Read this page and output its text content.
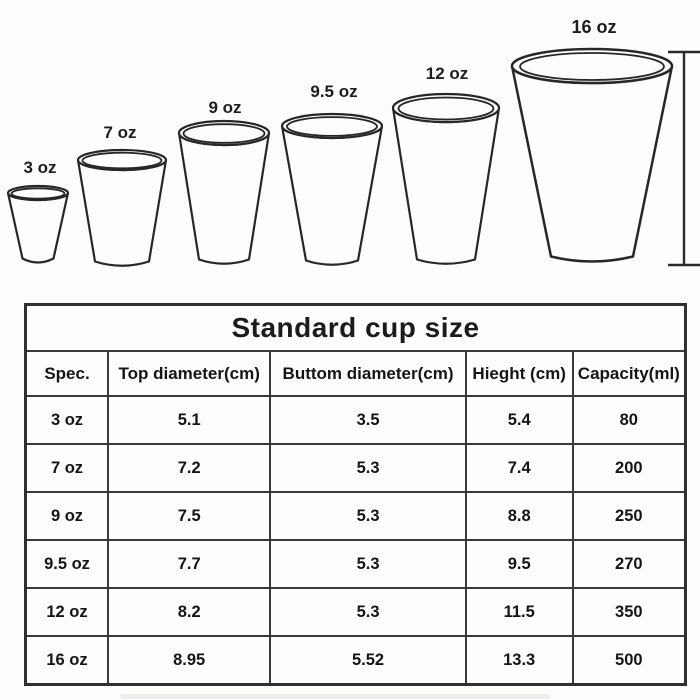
3 oz
7 oz
9 oz
9.5 oz
12 oz
16 oz
Standard cup size				
Spec.	Top diameter(cm)	Buttom diameter(cm)	Hieght (cm)	Capacity(ml)
3 oz	5.1	3.5	5.4	80
7 oz	7.2	5.3	7.4	200
9 oz	7.5	5.3	8.8	250
9.5 oz	7.7	5.3	9.5	270
12 oz	8.2	5.3	11.5	350
16 oz	8.95	5.52	13.3	500
